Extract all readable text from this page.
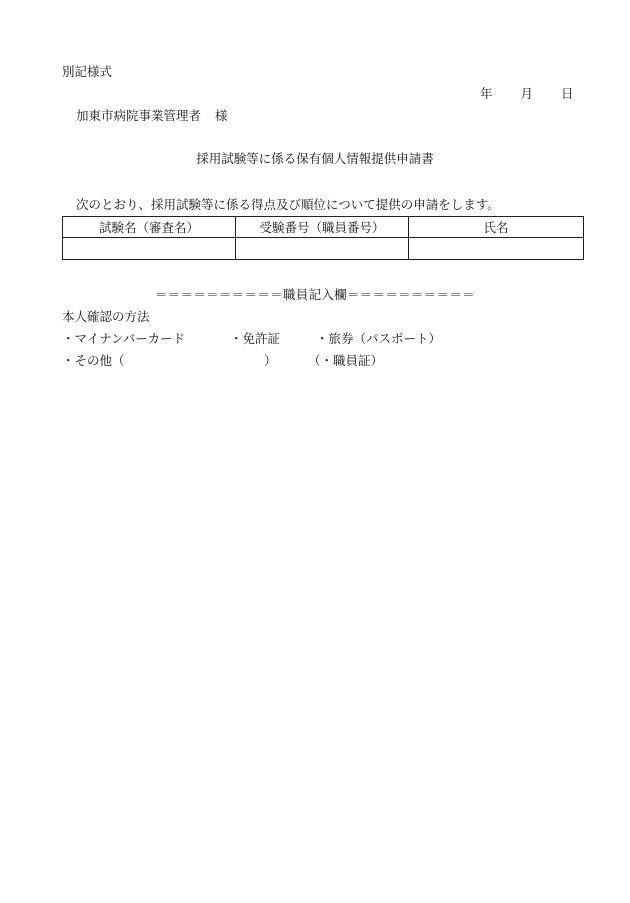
別記様式
年 月 日
加東市病院事業管理者 様
採用試験等に係る保有個人情報提供申請書
次のとおり、採用試験等に係る得点及び順位について提供の申請をします。
試験名（審査名）	受験番号（職員番号）	氏名

＝＝＝＝＝＝＝＝＝＝職員記入欄＝＝＝＝＝＝＝＝＝＝
本人確認の方法
・マイナンバーカード	・免許証	・旅券（パスポート）
・その他（	）	（・職員証）
